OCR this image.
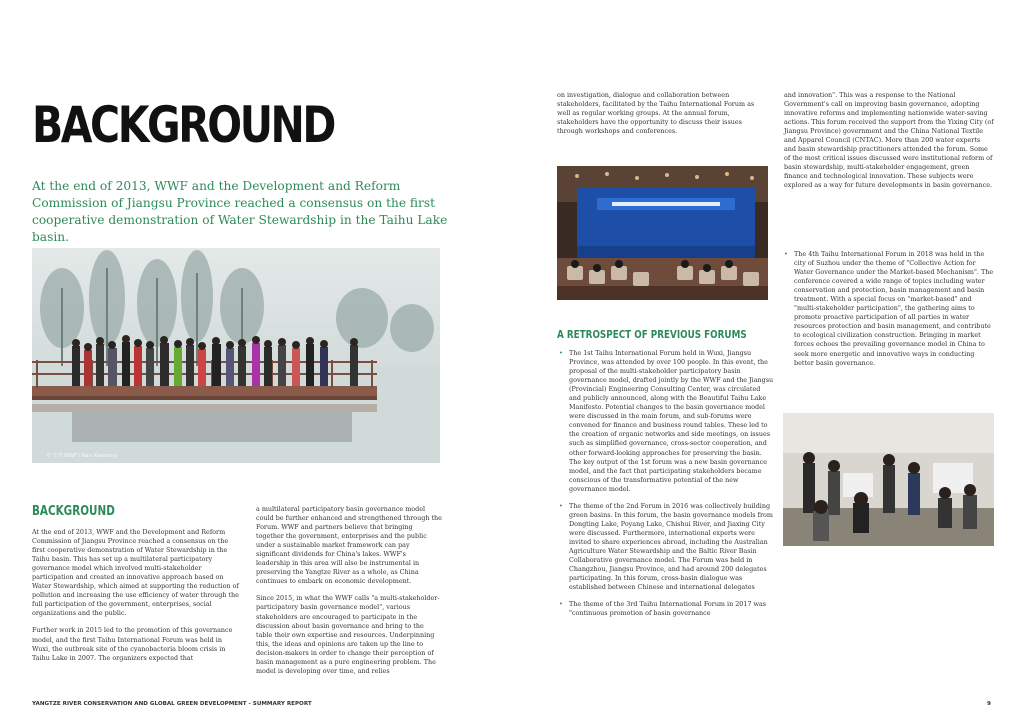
BACKGROUND
At the end of 2013, WWF and the Development and Reform Commission of Jiangsu Province reached a consensus on the first cooperative demonstration of Water Stewardship in the Taihu Lake basin.
© 长青 WWF / Nan Xiaodong
BACKGROUND

At the end of 2013, WWF and the Development and Reform Commission of Jiangsu Province reached a consensus on the first cooperative demonstration of Water Stewardship in the Taihu basin. This has set up a multilateral participatory governance model which involved multi-stakeholder participation and created an innovative approach based on Water Stewardship, which aimed at supporting the reduction of pollution and increasing the use efficiency of water through the full participation of the government, enterprises, social organizations and the public.

Further work in 2015 led to the promotion of this governance model, and the first Taihu International Forum was held in Wuxi, the outbreak site of the cyanobacteria bloom crisis in Taihu Lake in 2007. The organizers expected that

a multilateral participatory basin governance model could be further enhanced and strengthened through the Forum. WWF and partners believe that bringing together the government, enterprises and the public under a sustainable market framework can pay significant dividends for China's lakes. WWF's leadership in this area will also be instrumental in preserving the Yangtze River as a whole, as China continues to embark on economic development.

Since 2015, in what the WWF calls "a multi-stakeholder-participatory basin governance model", various stakeholders are encouraged to participate in the discussion about basin governance and bring to the table their own expertise and resources. Underpinning this, the ideas and opinions are taken up the line to decision-makers in order to change their perception of basin management as a pure engineering problem. The model is developing over time, and relies

on investigation, dialogue and collaboration between stakeholders, facilitated by the Taihu International Forum as well as regular working groups. At the annual forum, stakeholders have the opportunity to discuss their issues through workshops and conferences.

A RETROSPECT OF PREVIOUS FORUMS
• The 1st Taihu International Forum held in Wuxi, Jiangsu Province, was attended by over 100 people. In this event, the proposal of the multi-stakeholder participatory basin governance model, drafted jointly by the WWF and the Jiangsu (Provincial) Engineering Consulting Center, was circulated and publicly announced, along with the Beautiful Taihu Lake Manifesto. Potential changes to the basin governance model were discussed in the main forum, and sub-forums were convened for finance and business round tables. These led to the creation of organic networks and side meetings, on issues such as simplified governance, cross-sector cooperation, and other forward-looking approaches for preserving the basin. The key output of the 1st forum was a new basin governance model, and the fact that participating stakeholders became conscious of the transformative potential of the new governance model.
• The theme of the 2nd Forum in 2016 was collectively building green basins. In this forum, the basin governance models from Dongting Lake, Poyang Lake, Chishui River, and Jiaxing City were discussed. Furthermore, international experts were invited to share experiences abroad, including the Australian Agriculture Water Stewardship and the Baltic River Basin Collaborative governance model. The Forum was held in Changzhou, Jiangsu Province, and had around 200 delegates participating. In this forum, cross-basin dialogue was established between Chinese and international delegates
• The theme of the 3rd Taihu International Forum in 2017 was "continuous promotion of basin governance

and innovation". This was a response to the National Government's call on improving basin governance, adopting innovative reforms and implementing nationwide water-saving actions. This forum received the support from the Yixing City (of Jiangsu Province) government and the China National Textile and Apparel Council (CNTAC). More than 200 water experts and basin stewardship practitioners attended the forum. Some of the most critical issues discussed were institutional reform of basin stewardship, multi-stakeholder engagement, green finance and technological innovation. These subjects were explored as a way for future developments in basin governance.

• The 4th Taihu International Forum in 2018 was held in the city of Suzhou under the theme of "Collective Action for Water Governance under the Market-based Mechanism". The conference covered a wide range of topics including water conservation and protection, basin management and basin treatment. With a special focus on "market-based" and "multi-stakeholder participation", the gathering aims to promote proactive participation of all parties in water resources protection and basin management, and contribute to ecological civilization construction. Bringing in market forces echoes the prevailing governance model in China to seek more energetic and innovative ways in conducting better basin governance.
YANGTZE RIVER CONSERVATION AND GLOBAL GREEN DEVELOPMENT - SUMMARY REPORT	9
